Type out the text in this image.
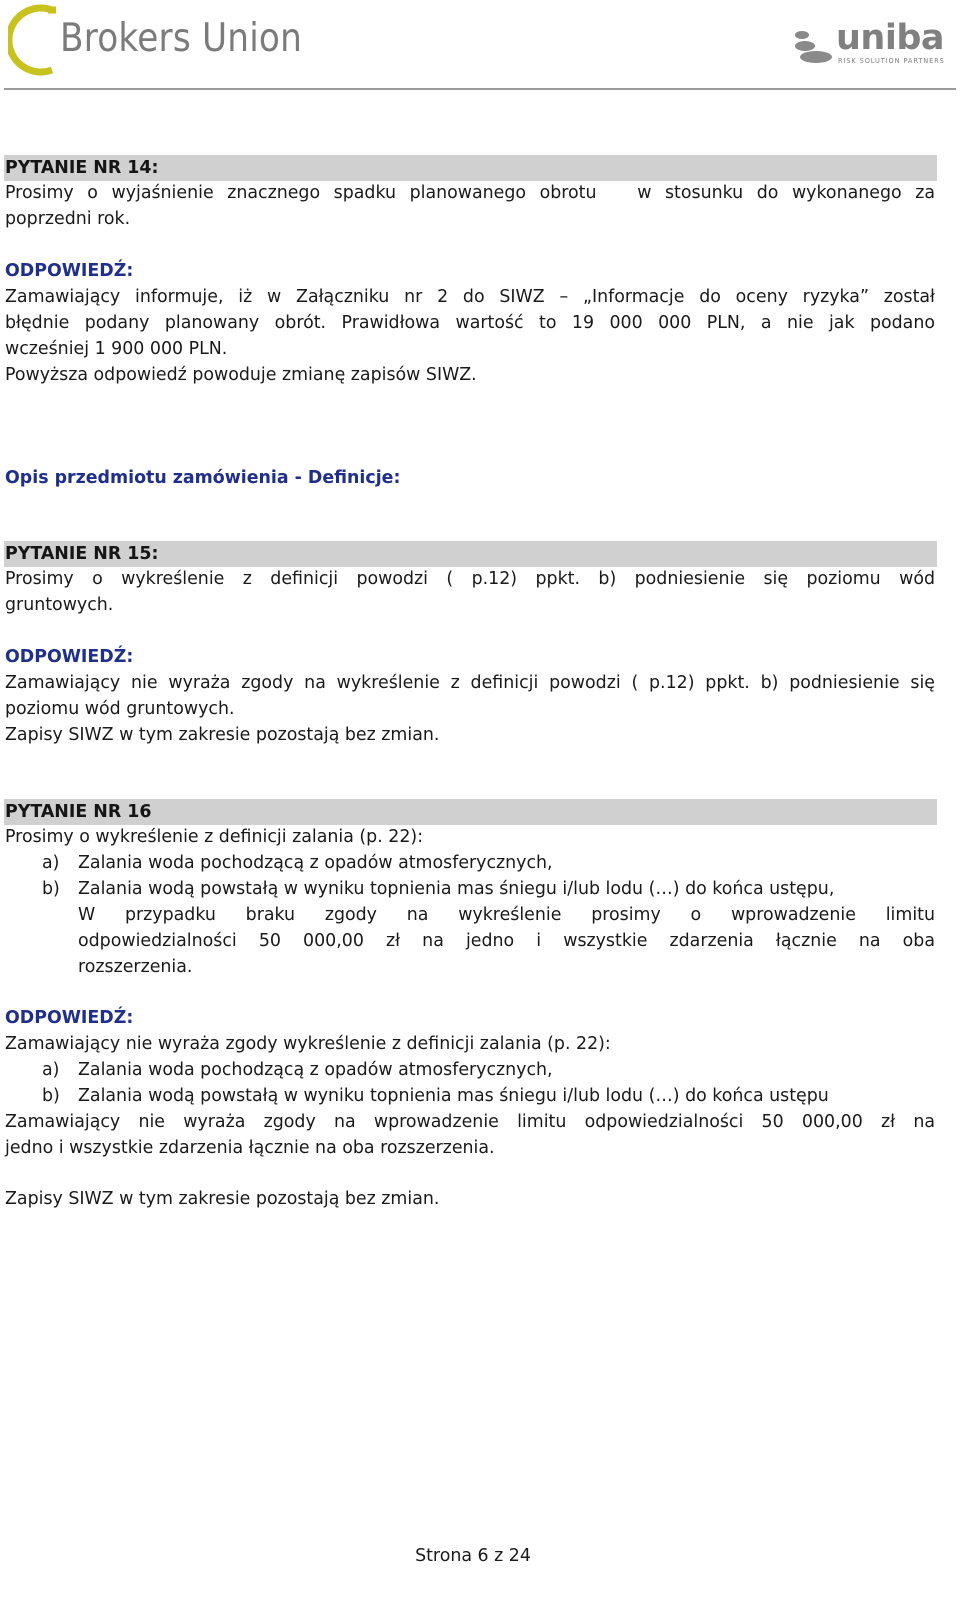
Brokers Union	uniba
RISK SOLUTION PARTNERS
PYTANIE NR 14:
Prosimy o wyjaśnienie znacznego spadku planowanego obrotu   w stosunku do wykonanego za
poprzedni rok.
ODPOWIEDŹ:
Zamawiający informuje, iż w Załączniku nr 2 do SIWZ – „Informacje do oceny ryzyka” został
błędnie podany planowany obrót. Prawidłowa wartość to 19 000 000 PLN, a nie jak podano
wcześniej 1 900 000 PLN.
Powyższa odpowiedź powoduje zmianę zapisów SIWZ.
Opis przedmiotu zamówienia - Definicje:
PYTANIE NR 15:
Prosimy o wykreślenie z definicji powodzi ( p.12) ppkt. b) podniesienie się poziomu wód
gruntowych.
ODPOWIEDŹ:
Zamawiający nie wyraża zgody na wykreślenie z definicji powodzi ( p.12) ppkt. b) podniesienie się
poziomu wód gruntowych.
Zapisy SIWZ w tym zakresie pozostają bez zmian.
PYTANIE NR 16
Prosimy o wykreślenie z definicji zalania (p. 22):
a) Zalania woda pochodzącą z opadów atmosferycznych,
b) Zalania wodą powstałą w wyniku topnienia mas śniegu i/lub lodu (…) do końca ustępu,
W przypadku braku zgody na wykreślenie prosimy o wprowadzenie limitu
odpowiedzialności 50 000,00 zł na jedno i wszystkie zdarzenia łącznie na oba
rozszerzenia.
ODPOWIEDŹ:
Zamawiający nie wyraża zgody wykreślenie z definicji zalania (p. 22):
a) Zalania woda pochodzącą z opadów atmosferycznych,
b) Zalania wodą powstałą w wyniku topnienia mas śniegu i/lub lodu (…) do końca ustępu
Zamawiający nie wyraża zgody na wprowadzenie limitu odpowiedzialności 50 000,00 zł na
jedno i wszystkie zdarzenia łącznie na oba rozszerzenia.
Zapisy SIWZ w tym zakresie pozostają bez zmian.
Strona 6 z 24
